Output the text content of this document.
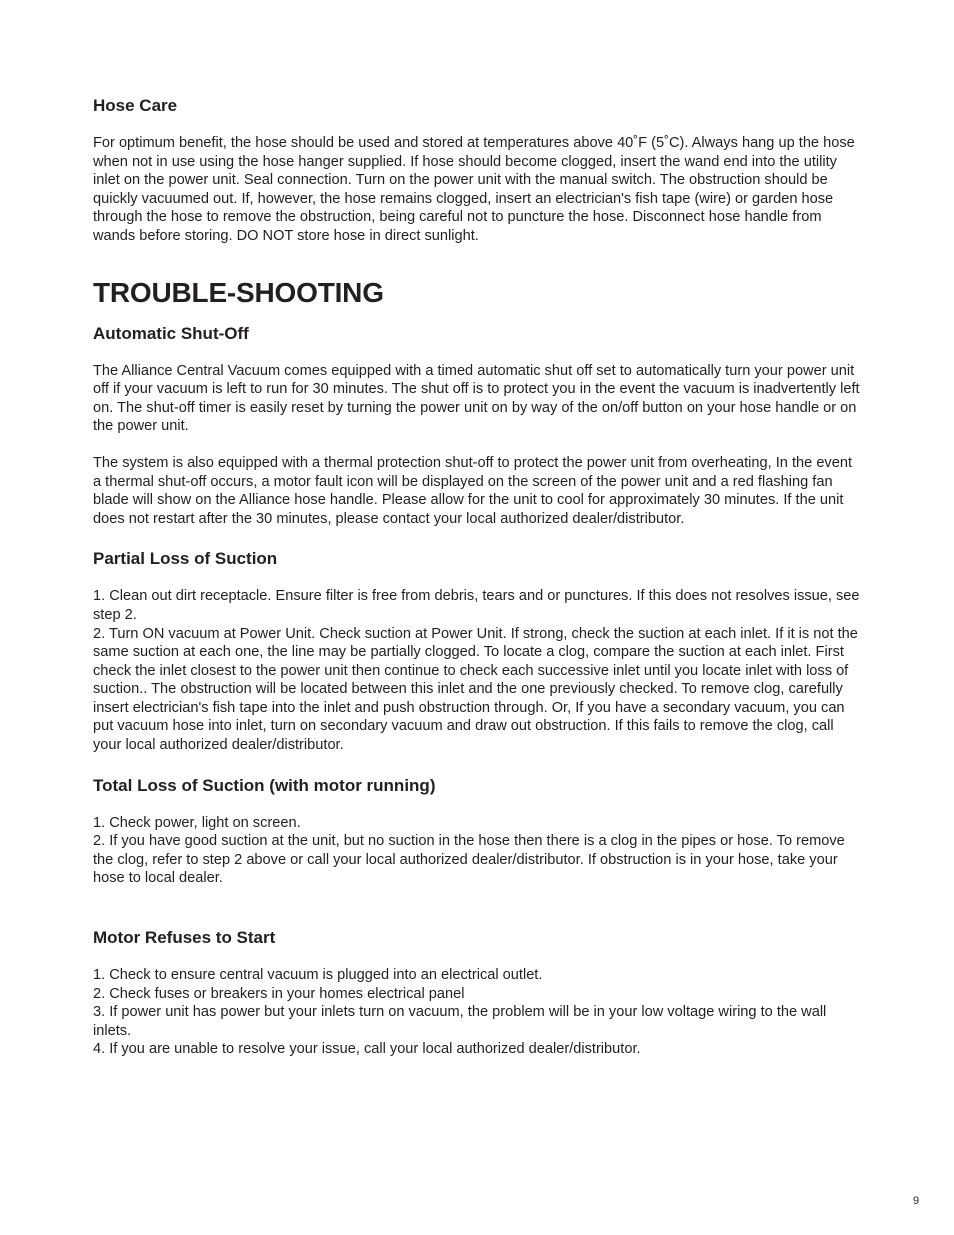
Hose Care

For optimum benefit, the hose should be used and stored at temperatures above 40˚F (5˚C). Always hang up the hose when not in use using the hose hanger supplied. If hose should become clogged, insert the wand end into the utility inlet on the power unit. Seal connection. Turn on the power unit with the manual switch. The obstruction should be quickly vacuumed out. If, however, the hose remains clogged, insert an electrician's fish tape (wire) or garden hose through the hose to remove the obstruction, being careful not to puncture the hose. Disconnect hose handle from wands before storing. DO NOT store hose in direct sunlight.

TROUBLE-SHOOTING
Automatic Shut-Off

The Alliance Central Vacuum comes equipped with a timed automatic shut off set to automatically turn your power unit off if your vacuum is left to run for 30 minutes. The shut off is to protect you in the event the vacuum is inadvertently left on. The shut-off timer is easily reset by turning the power unit on by way of the on/off button on your hose handle or on the power unit.

The system is also equipped with a thermal protection shut-off to protect the power unit from overheating, In the event a thermal shut-off occurs, a motor fault icon will be displayed on the screen of the power unit and a red flashing fan blade will show on the Alliance hose handle. Please allow for the unit to cool for approximately 30 minutes. If the unit does not restart after the 30 minutes, please contact your local authorized dealer/distributor.

Partial Loss of Suction

1. Clean out dirt receptacle. Ensure filter is free from debris, tears and or punctures. If this does not resolves issue, see step 2.

2. Turn ON vacuum at Power Unit. Check suction at Power Unit. If strong, check the suction at each inlet. If it is not the same suction at each one, the line may be partially clogged. To locate a clog, compare the suction at each inlet. First check the inlet closest to the power unit then continue to check each successive inlet until you locate inlet with loss of suction.. The obstruction will be located between this inlet and the one previously checked. To remove clog, carefully insert electrician's fish tape into the inlet and push obstruction through. Or, If you have a secondary vacuum, you can put vacuum hose into inlet, turn on secondary vacuum and draw out obstruction. If this fails to remove the clog, call your local authorized dealer/distributor.

Total Loss of Suction (with motor running)

1. Check power, light on screen.

2. If you have good suction at the unit, but no suction in the hose then there is a clog in the pipes or hose. To remove the clog, refer to step 2 above or call your local authorized dealer/distributor. If obstruction is in your hose, take your hose to local dealer.

Motor Refuses to Start

1. Check to ensure central vacuum is plugged into an electrical outlet.

2. Check fuses or breakers in your homes electrical panel

3. If power unit has power but your inlets turn on vacuum, the problem will be in your low voltage wiring to the wall inlets.

4. If you are unable to resolve your issue, call your local authorized dealer/distributor.

9
